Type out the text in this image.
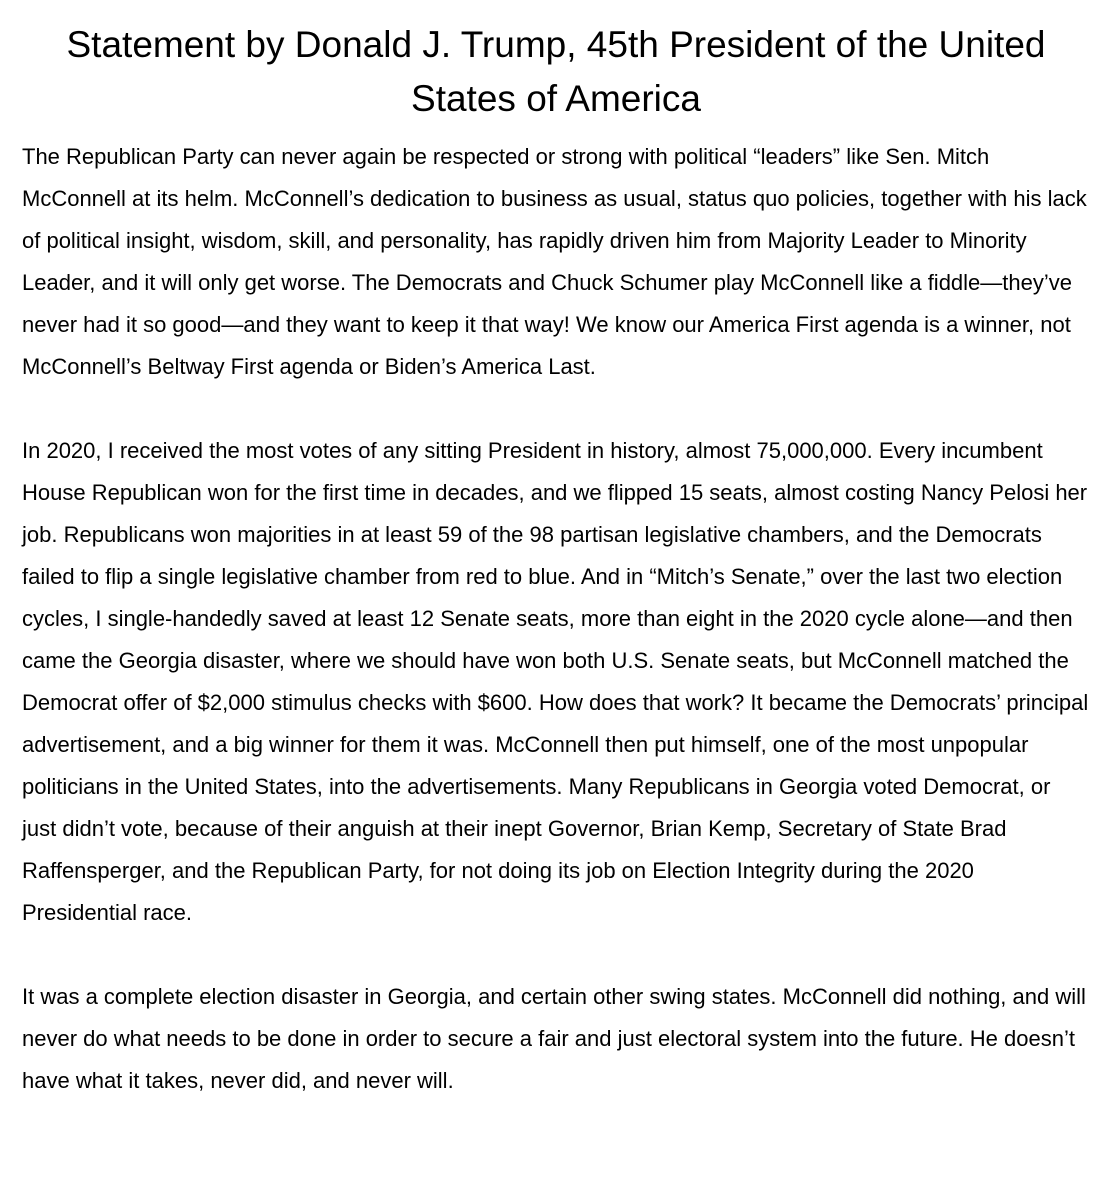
Statement by Donald J. Trump, 45th President of the United States of America

The Republican Party can never again be respected or strong with political “leaders” like Sen. Mitch McConnell at its helm. McConnell’s dedication to business as usual, status quo policies, together with his lack of political insight, wisdom, skill, and personality, has rapidly driven him from Majority Leader to Minority Leader, and it will only get worse. The Democrats and Chuck Schumer play McConnell like a fiddle—they’ve never had it so good—and they want to keep it that way! We know our America First agenda is a winner, not McConnell’s Beltway First agenda or Biden’s America Last.

In 2020, I received the most votes of any sitting President in history, almost 75,000,000. Every incumbent House Republican won for the first time in decades, and we flipped 15 seats, almost costing Nancy Pelosi her job. Republicans won majorities in at least 59 of the 98 partisan legislative chambers, and the Democrats failed to flip a single legislative chamber from red to blue. And in “Mitch’s Senate,” over the last two election cycles, I single-handedly saved at least 12 Senate seats, more than eight in the 2020 cycle alone—and then came the Georgia disaster, where we should have won both U.S. Senate seats, but McConnell matched the Democrat offer of $2,000 stimulus checks with $600. How does that work? It became the Democrats’ principal advertisement, and a big winner for them it was. McConnell then put himself, one of the most unpopular politicians in the United States, into the advertisements. Many Republicans in Georgia voted Democrat, or just didn’t vote, because of their anguish at their inept Governor, Brian Kemp, Secretary of State Brad Raffensperger, and the Republican Party, for not doing its job on Election Integrity during the 2020 Presidential race.

It was a complete election disaster in Georgia, and certain other swing states. McConnell did nothing, and will never do what needs to be done in order to secure a fair and just electoral system into the future. He doesn’t have what it takes, never did, and never will.
